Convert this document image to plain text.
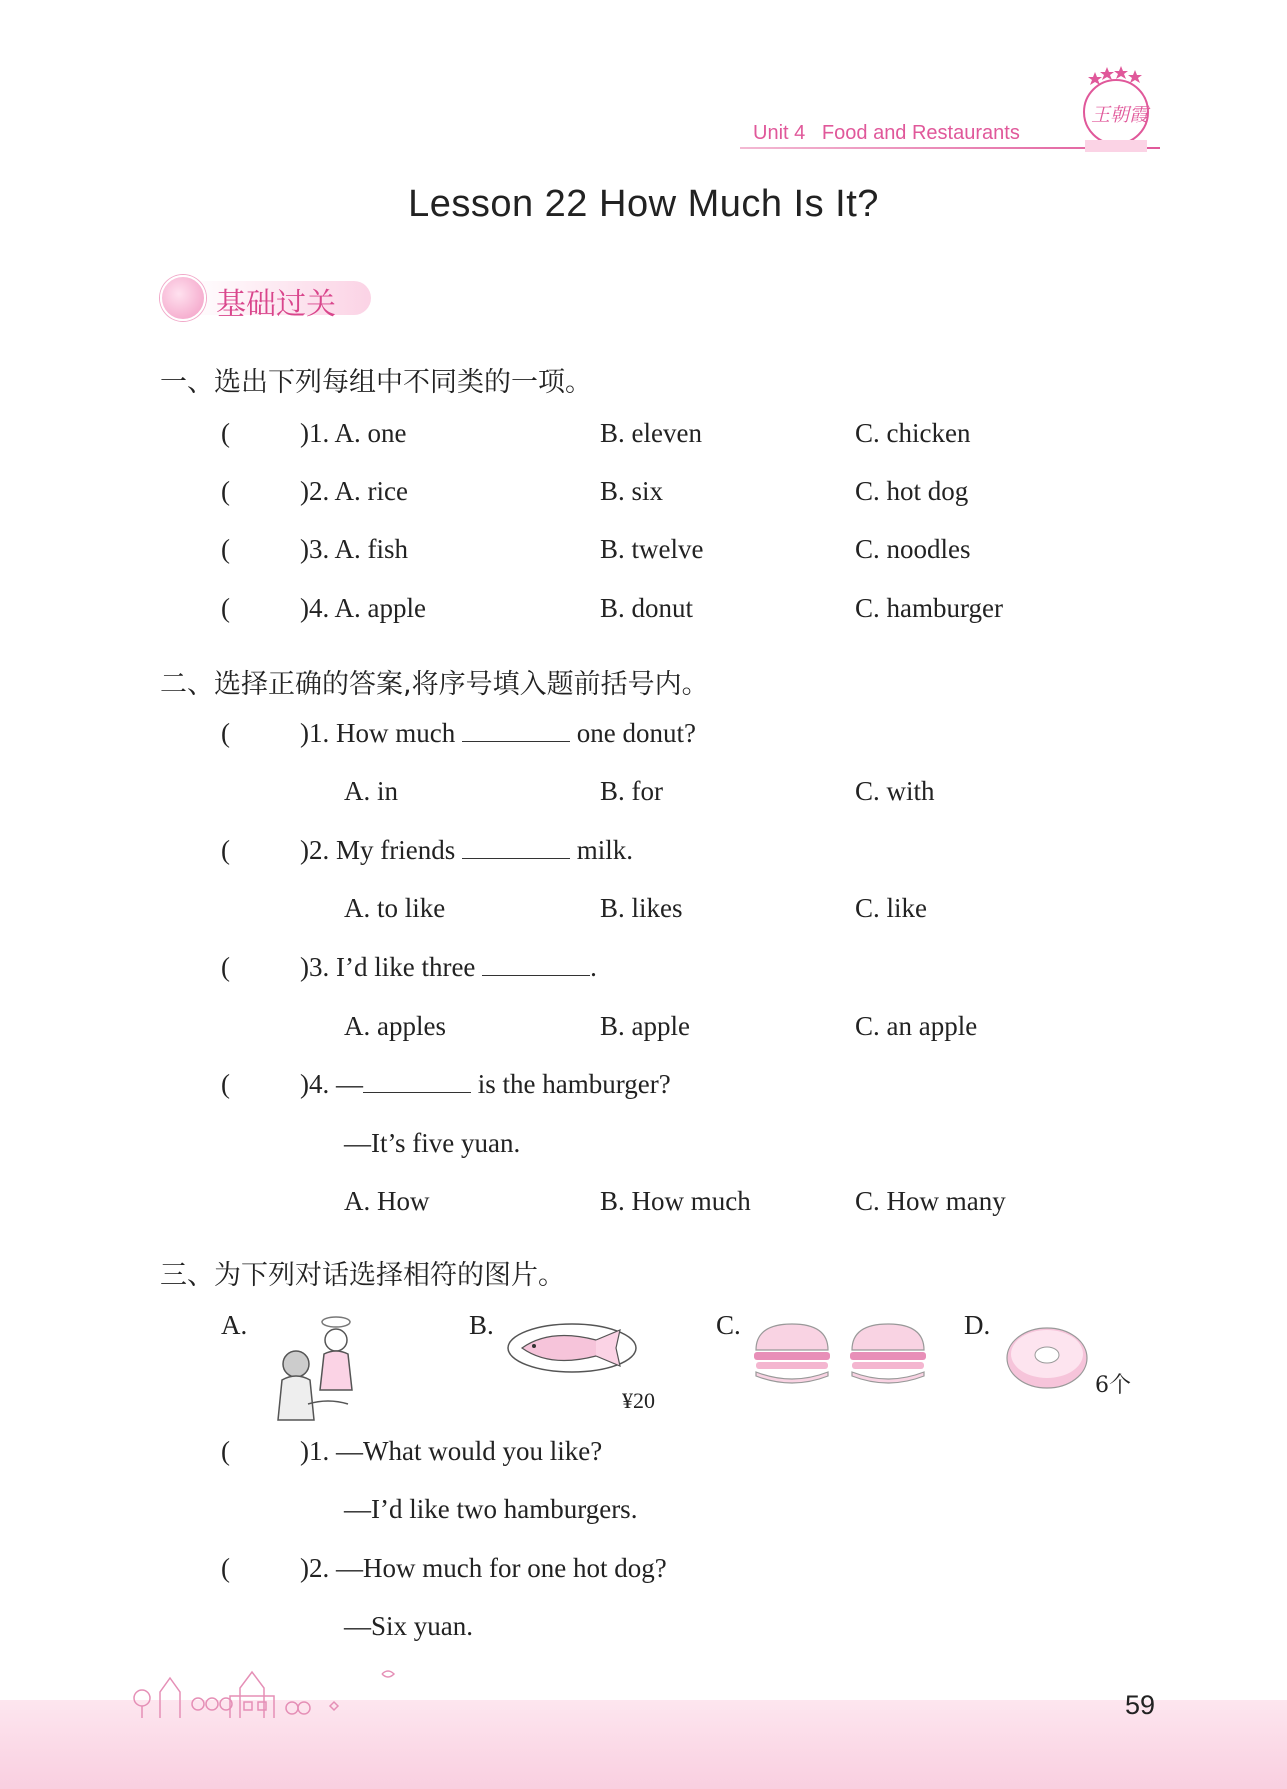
Unit 4 Food and Restaurants
王朝霞
Lesson 22 How Much Is It?
基础过关
一、选出下列每组中不同类的一项。
(	)1. A. one	B. eleven	C. chicken
(	)2. A. rice	B. six	C. hot dog
(	)3. A. fish	B. twelve	C. noodles
(	)4. A. apple	B. donut	C. hamburger
二、选择正确的答案,将序号填入题前括号内。
(	)1. How much	one donut?
A. in	B. for	C. with
(	)2. My friends	milk.
A. to like	B. likes	C. like
(	)3. I’d like three	.
A. apples	B. apple	C. an apple
(	)4. —	is the hamburger?
—It’s five yuan.
A. How	B. How much	C. How many
三、为下列对话选择相符的图片。
A.	B.
¥20
C.	D.
6个
(	)1. —What would you like?
—I’d like two hamburgers.
(	)2. —How much for one hot dog?
—Six yuan.
59
